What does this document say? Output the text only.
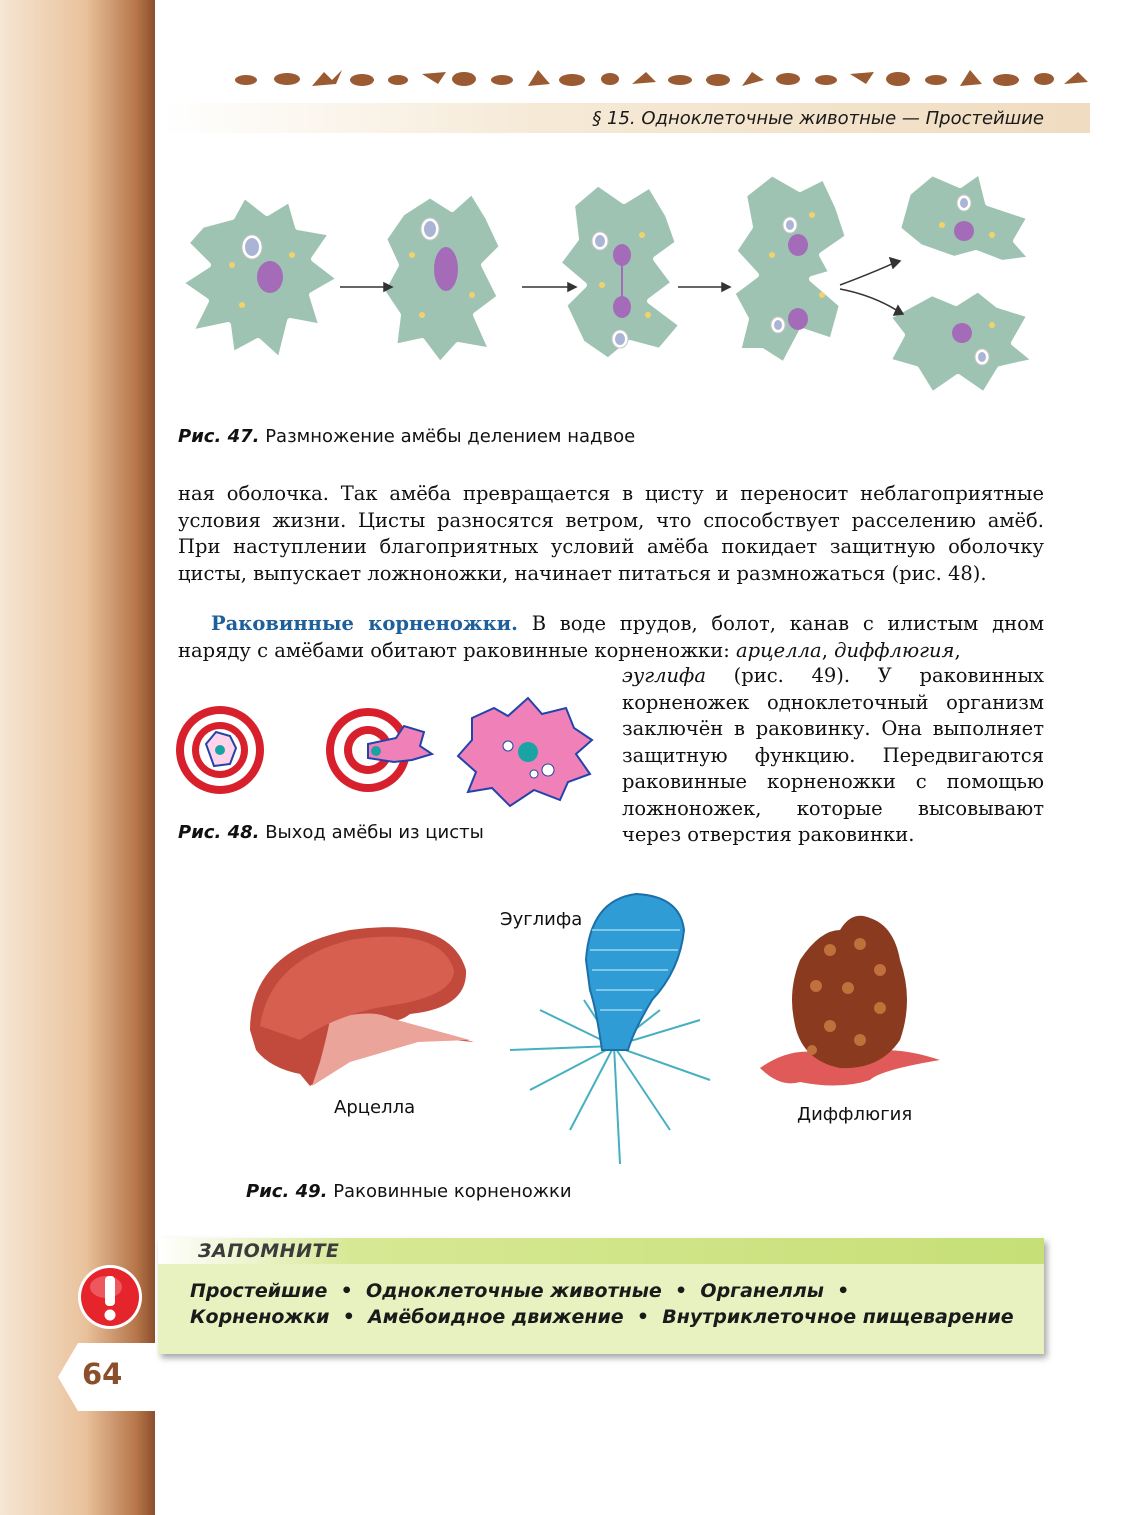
§ 15. Одноклеточные животные — Простейшие
Рис. 47. Размножение амёбы делением надвое
ная оболочка. Так амёба превращается в цисту и переносит неблагоприятные условия жизни. Цисты разносятся ветром, что способствует расселению амёб. При наступлении благоприятных условий амёба покидает защитную оболочку цисты, выпускает ложноножки, начинает питаться и размножаться (рис. 48).
Раковинные корненожки. В воде прудов, болот, канав с илистым дном наряду с амёбами обитают раковинные корненожки: арцелла, диффлюгия,
эуглифа (рис. 49). У раковинных корненожек одноклеточный организм заключён в раковинку. Она выполняет защитную функцию. Передвигаются раковинные корненожки с помощью ложноножек, которые высовывают через отверстия раковинки.
Рис. 48. Выход амёбы из цисты
Эуглифа
Арцелла	Диффлюгия
Рис. 49. Раковинные корненожки
ЗАПОМНИТЕ
Простейшие  •  Одноклеточные животные  •  Органеллы  •
Корненожки  •  Амёбоидное движение  •  Внутриклеточное пищеварение
64
